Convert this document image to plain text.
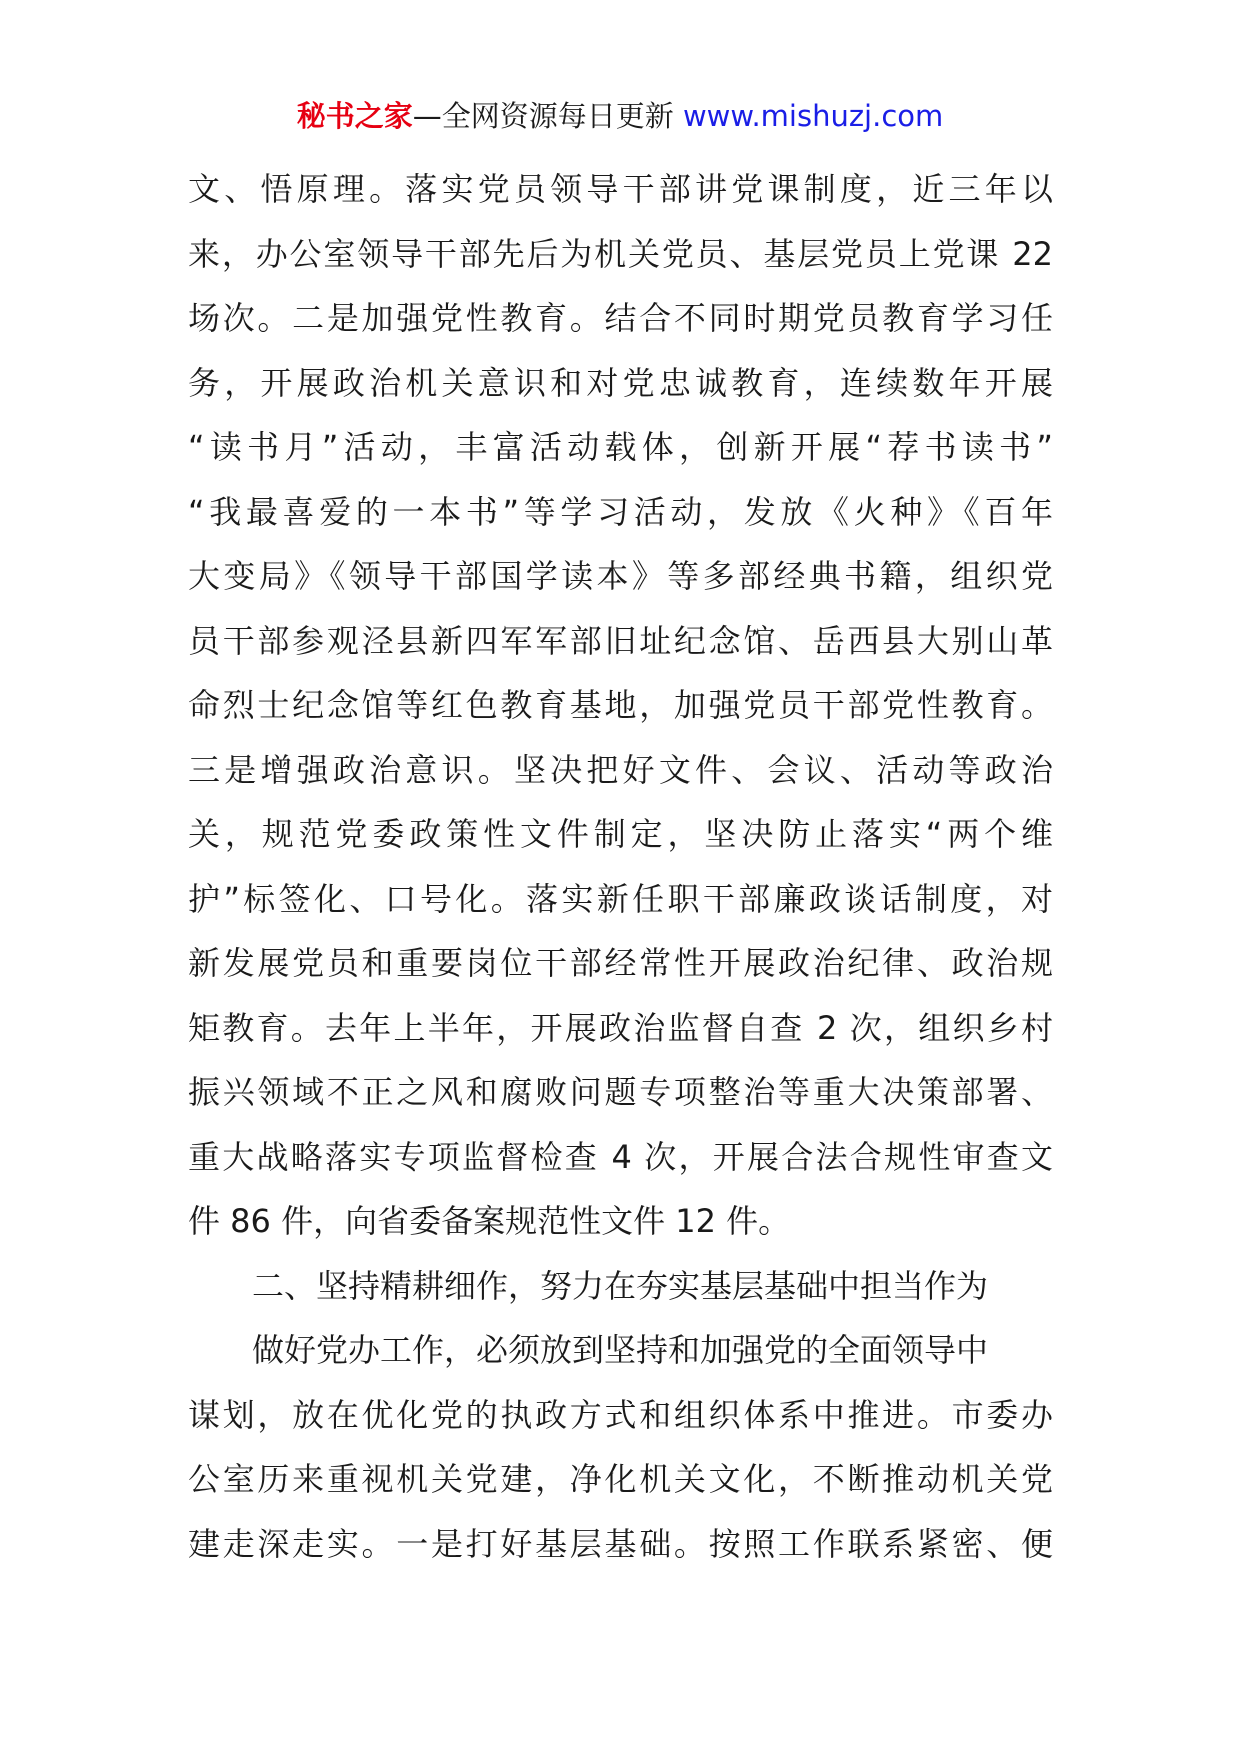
秘书之家—全网资源每日更新 www.mishuzj.com
文、悟原理。落实党员领导干部讲党课制度，近三年以
来，办公室领导干部先后为机关党员、基层党员上党课 22
场次。二是加强党性教育。结合不同时期党员教育学习任
务，开展政治机关意识和对党忠诚教育，连续数年开展
“读书月”活动，丰富活动载体，创新开展“荐书读书”
“我最喜爱的一本书”等学习活动，发放《火种》《百年
大变局》《领导干部国学读本》等多部经典书籍，组织党
员干部参观泾县新四军军部旧址纪念馆、岳西县大别山革
命烈士纪念馆等红色教育基地，加强党员干部党性教育。
三是增强政治意识。坚决把好文件、会议、活动等政治
关，规范党委政策性文件制定，坚决防止落实“两个维
护”标签化、口号化。落实新任职干部廉政谈话制度，对
新发展党员和重要岗位干部经常性开展政治纪律、政治规
矩教育。去年上半年，开展政治监督自查 2 次，组织乡村
振兴领域不正之风和腐败问题专项整治等重大决策部署、
重大战略落实专项监督检查 4 次，开展合法合规性审查文
件 86 件，向省委备案规范性文件 12 件。
二、坚持精耕细作，努力在夯实基层基础中担当作为
做好党办工作，必须放到坚持和加强党的全面领导中
谋划，放在优化党的执政方式和组织体系中推进。市委办
公室历来重视机关党建，净化机关文化，不断推动机关党
建走深走实。一是打好基层基础。按照工作联系紧密、便
